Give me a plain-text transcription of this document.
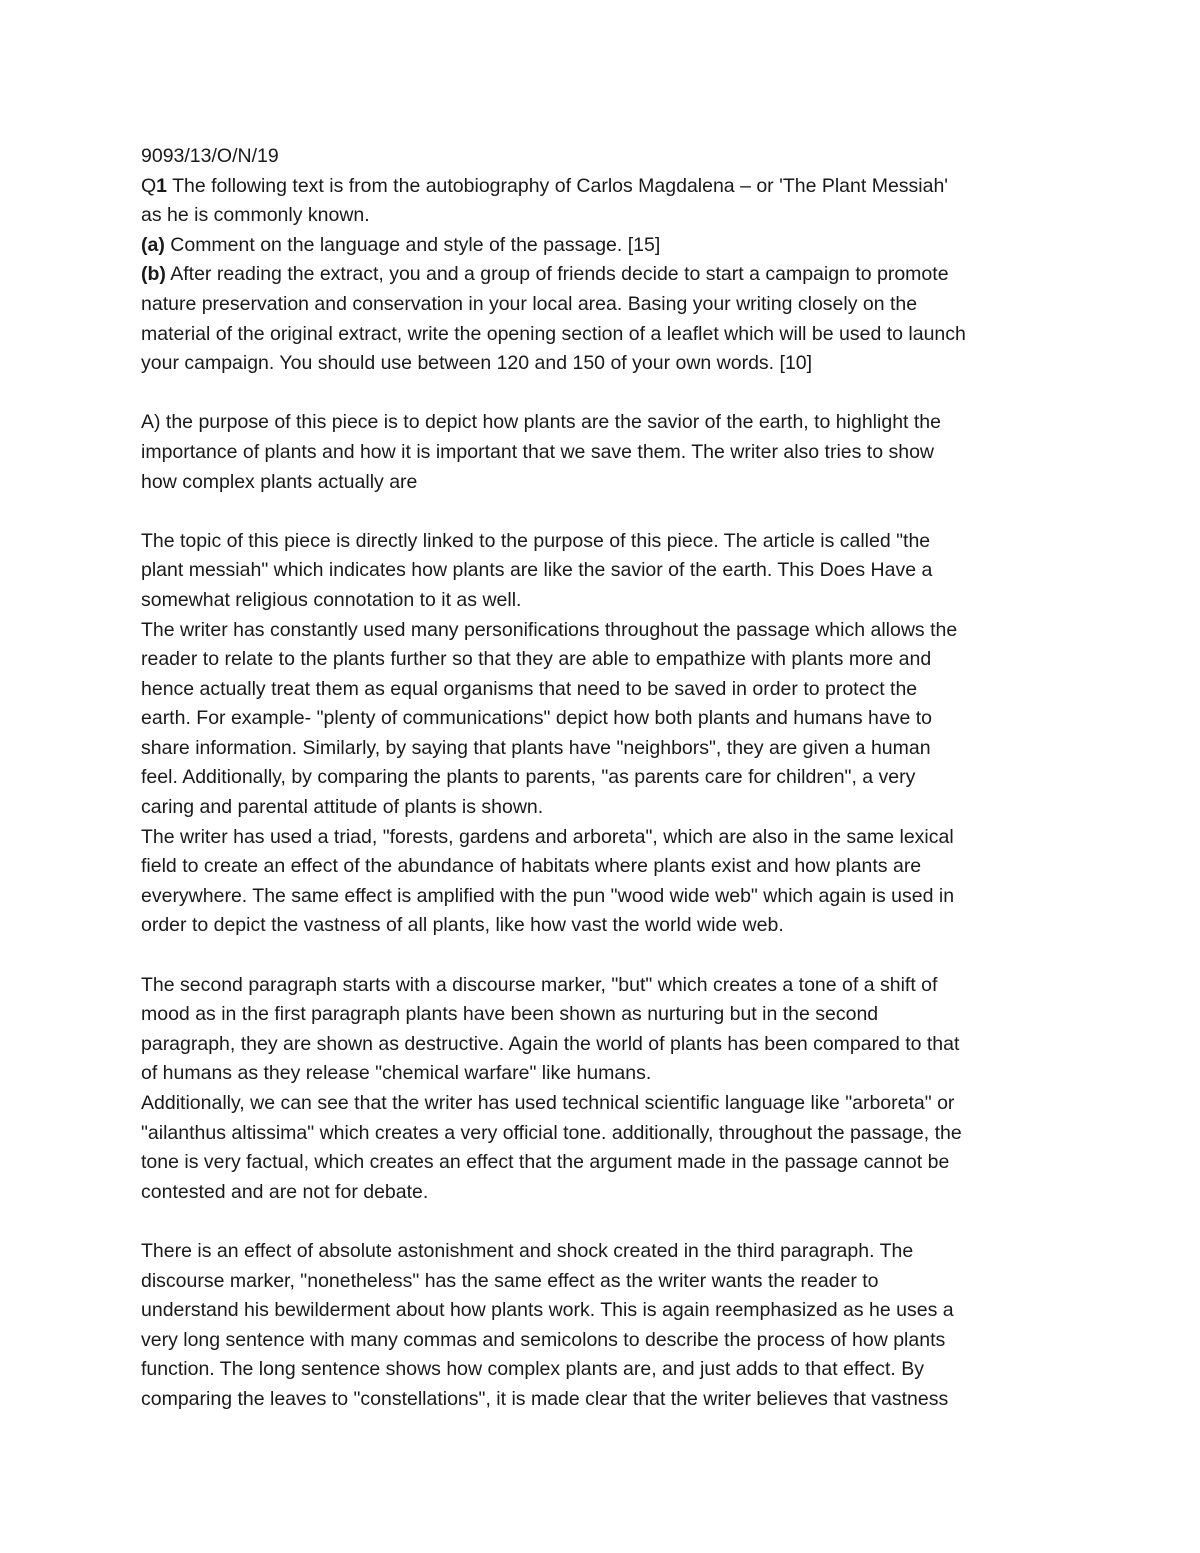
9093/13/O/N/19
Q1 The following text is from the autobiography of Carlos Magdalena – or 'The Plant Messiah'
as he is commonly known.
(a) Comment on the language and style of the passage. [15]
(b) After reading the extract, you and a group of friends decide to start a campaign to promote
nature preservation and conservation in your local area. Basing your writing closely on the
material of the original extract, write the opening section of a leaflet which will be used to launch
your campaign. You should use between 120 and 150 of your own words. [10]
A) the purpose of this piece is to depict how plants are the savior of the earth, to highlight the
importance of plants and how it is important that we save them. The writer also tries to show
how complex plants actually are
The topic of this piece is directly linked to the purpose of this piece. The article is called "the
plant messiah" which indicates how plants are like the savior of the earth. This Does Have a
somewhat religious connotation to it as well.
The writer has constantly used many personifications throughout the passage which allows the
reader to relate to the plants further so that they are able to empathize with plants more and
hence actually treat them as equal organisms that need to be saved in order to protect the
earth. For example- "plenty of communications" depict how both plants and humans have to
share information. Similarly, by saying that plants have "neighbors", they are given a human
feel. Additionally, by comparing the plants to parents, "as parents care for children", a very
caring and parental attitude of plants is shown.
The writer has used a triad, "forests, gardens and arboreta", which are also in the same lexical
field to create an effect of the abundance of habitats where plants exist and how plants are
everywhere. The same effect is amplified with the pun "wood wide web" which again is used in
order to depict the vastness of all plants, like how vast the world wide web.
The second paragraph starts with a discourse marker, "but" which creates a tone of a shift of
mood as in the first paragraph plants have been shown as nurturing but in the second
paragraph, they are shown as destructive. Again the world of plants has been compared to that
of humans as they release "chemical warfare" like humans.
Additionally, we can see that the writer has used technical scientific language like "arboreta" or
"ailanthus altissima" which creates a very official tone. additionally, throughout the passage, the
tone is very factual, which creates an effect that the argument made in the passage cannot be
contested and are not for debate.
There is an effect of absolute astonishment and shock created in the third paragraph. The
discourse marker, "nonetheless" has the same effect as the writer wants the reader to
understand his bewilderment about how plants work. This is again reemphasized as he uses a
very long sentence with many commas and semicolons to describe the process of how plants
function. The long sentence shows how complex plants are, and just adds to that effect. By
comparing the leaves to "constellations", it is made clear that the writer believes that vastness
